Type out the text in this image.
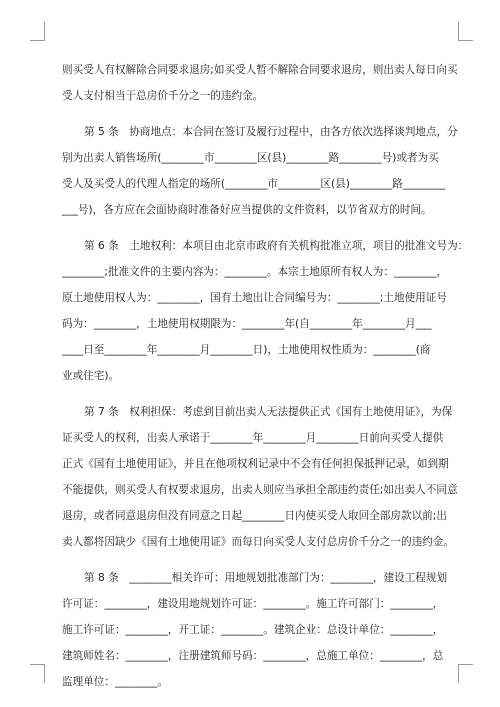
则买受人有权解除合同要求退房;如买受人暂不解除合同要求退房，则出卖人每日向买
受人支付相当于总房价千分之一的违约金。
第 5 条　协商地点：本合同在签订及履行过程中，由各方依次选择谈判地点，分
别为出卖人销售场所(________市________区(县)________路________号)或者为买
受人及买受人的代理人指定的场所(________市________区(县)________路________
___号)，各方应在会面协商时准备好应当提供的文件资料，以节省双方的时间。
第 6 条　土地权利：本项目由北京市政府有关机构批准立项，项目的批准文号为：
________;批准文件的主要内容为：________。本宗土地原所有权人为：________，
原土地使用权人为：________，国有土地出让合同编号为：________;土地使用证号
码为：________，土地使用权期限为：________年(自________年________月___
____日至________年________月________日)，土地使用权性质为：________(商
业或住宅)。
第 7 条　权利担保：考虑到目前出卖人无法提供正式《国有土地使用证》，为保
证买受人的权利，出卖人承诺于________年________月________日前向买受人提供
正式《国有土地使用证》，并且在他项权利记录中不会有任何担保抵押记录，如到期
不能提供，则买受人有权要求退房，出卖人则应当承担全部违约责任;如出卖人不同意
退房，或者同意退房但没有同意之日起________日内使买受人取回全部房款以前;出
卖人都将因缺少《国有土地使用证》而每日向买受人支付总房价千分之一的违约金。
第 8 条　________相关许可：用地规划批准部门为：________，建设工程规划
许可证：________，建设用地规划许可证：________。施工许可部门：________，
施工许可证：________，开工证：________。建筑企业：总设计单位：________，
建筑师姓名：________，注册建筑师号码：________，总施工单位：________，总
监理单位：________。
